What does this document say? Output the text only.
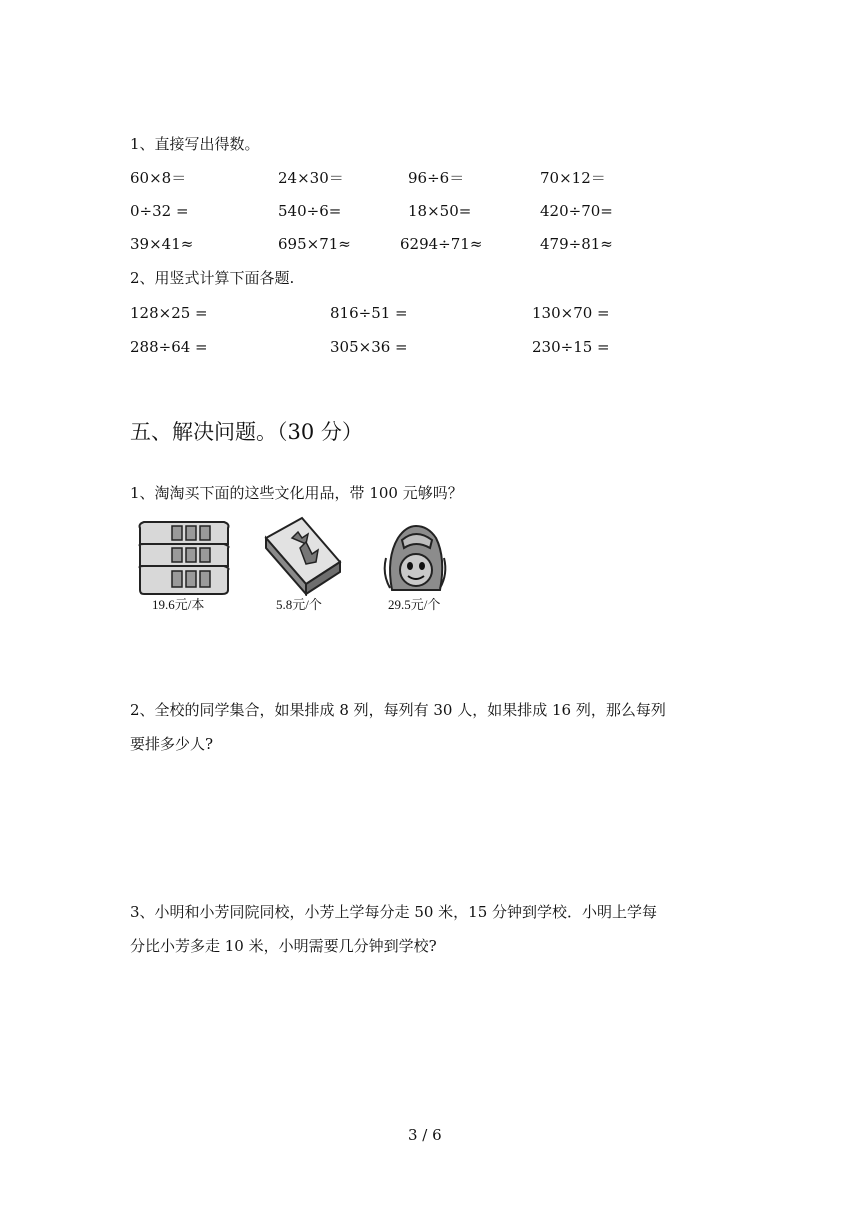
1、直接写出得数。
60×8＝	24×30＝	96÷6＝	70×12＝
0÷32 =	540÷6=	18×50=	420÷70=
39×41≈	695×71≈	6294÷71≈	479÷81≈
2、用竖式计算下面各题.
128×25 =	816÷51 =	130×70 =
288÷64 =	305×36 =	230÷15 =
五、解决问题。（30 分）
1、淘淘买下面的这些文化用品，带 100 元够吗？
19.6元/本	5.8元/个	29.5元/个
2、全校的同学集合，如果排成 8 列，每列有 30 人，如果排成 16 列，那么每列
要排多少人?
3、小明和小芳同院同校，小芳上学每分走 50 米，15 分钟到学校．小明上学每
分比小芳多走 10 米，小明需要几分钟到学校?
3 / 6
